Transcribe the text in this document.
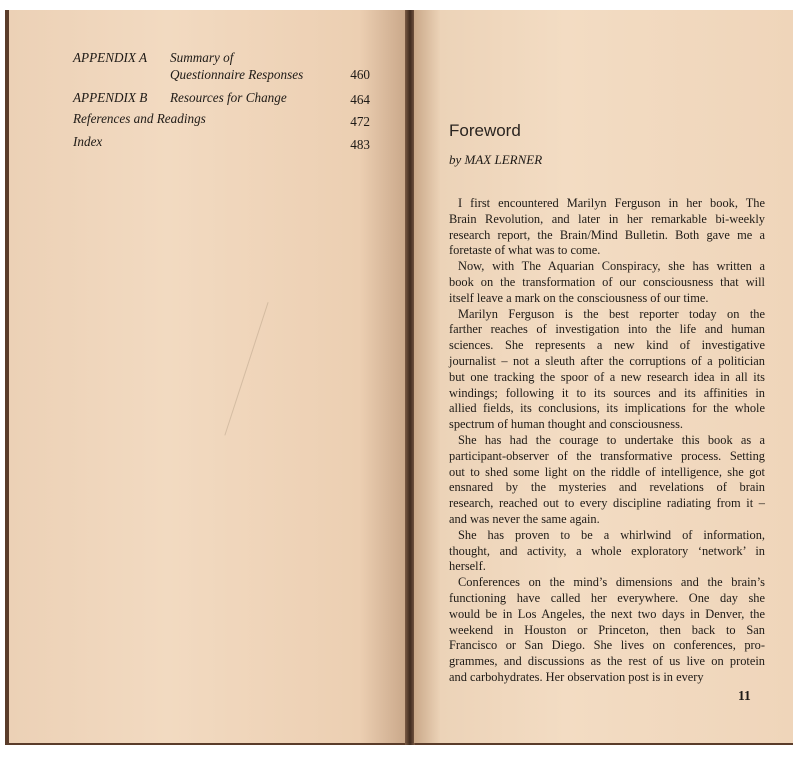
APPENDIX A Summary of
Questionnaire Responses	460
APPENDIX B Resources for Change	464
References and Readings	472
Index	483
Foreword
by MAX LERNER
I first encountered Marilyn Ferguson in her book, The
Brain Revolution, and later in her remarkable bi-weekly
research report, the Brain/Mind Bulletin. Both gave me a
foretaste of what was to come.
Now, with The Aquarian Conspiracy, she has written a
book on the transformation of our consciousness that will
itself leave a mark on the consciousness of our time.
Marilyn Ferguson is the best reporter today on the
farther reaches of investigation into the life and human
sciences. She represents a new kind of investigative
journalist – not a sleuth after the corruptions of a politician
but one tracking the spoor of a new research idea in all its
windings; following it to its sources and its affinities in
allied fields, its conclusions, its implications for the whole
spectrum of human thought and consciousness.
She has had the courage to undertake this book as a
participant-observer of the transformative process. Setting
out to shed some light on the riddle of intelligence, she got
ensnared by the mysteries and revelations of brain
research, reached out to every discipline radiating from it –
and was never the same again.
She has proven to be a whirlwind of information,
thought, and activity, a whole exploratory ‘network’ in
herself.
Conferences on the mind’s dimensions and the brain’s
functioning have called her everywhere. One day she
would be in Los Angeles, the next two days in Denver, the
weekend in Houston or Princeton, then back to San
Francisco or San Diego. She lives on conferences, pro-
grammes, and discussions as the rest of us live on protein
and carbohydrates. Her observation post is in every
11
